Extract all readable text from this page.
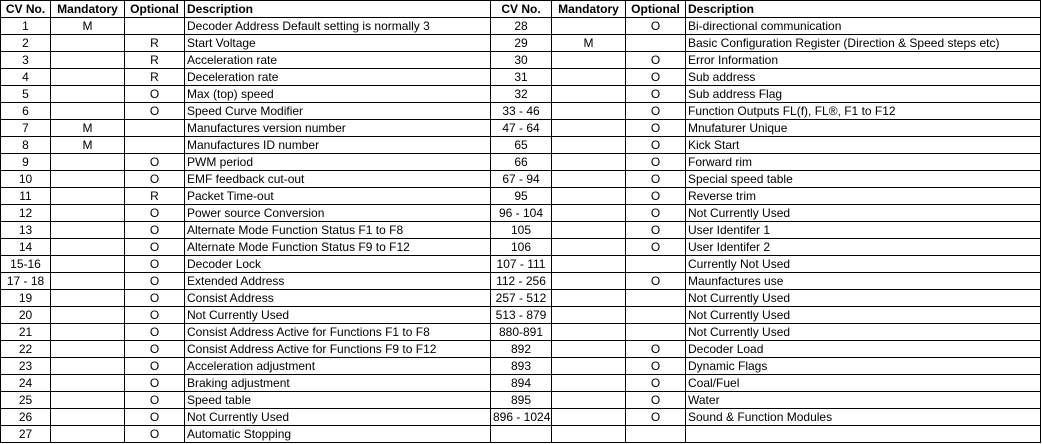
CV No.	Mandatory	Optional	Description	CV No.	Mandatory	Optional	Description
1	M		Decoder Address Default setting is normally 3	28		O	Bi-directional communication
2		R	Start Voltage	29	M		Basic Configuration Register (Direction & Speed steps etc)
3		R	Acceleration rate	30		O	Error Information
4		R	Deceleration rate	31		O	Sub address
5		O	Max (top) speed	32		O	Sub address Flag
6		O	Speed Curve Modifier	33 - 46		O	Function Outputs FL(f), FL®, F1 to F12
7	M		Manufactures version number	47 - 64		O	Mnufaturer Unique
8	M		Manufactures ID number	65		O	Kick Start
9		O	PWM period	66		O	Forward rim
10		O	EMF feedback cut-out	67 - 94		O	Special speed table
11		R	Packet Time-out	95		O	Reverse trim
12		O	Power source Conversion	96 - 104		O	Not Currently Used
13		O	Alternate Mode Function Status F1 to F8	105		O	User Identifer 1
14		O	Alternate Mode Function Status F9 to F12	106		O	User Identifer 2
15-16		O	Decoder Lock	107 - 111			Currently Not Used
17 - 18		O	Extended Address	112 - 256		O	Maunfactures use
19		O	Consist Address	257 - 512			Not Currently Used
20		O	Not Currently Used	513 - 879			Not Currently Used
21		O	Consist Address Active for Functions F1 to F8	880-891			Not Currently Used
22		O	Consist Address Active for Functions F9 to F12	892		O	Decoder Load
23		O	Acceleration adjustment	893		O	Dynamic Flags
24		O	Braking adjustment	894		O	Coal/Fuel
25		O	Speed table	895		O	Water
26		O	Not Currently Used	896 - 1024		O	Sound & Function Modules
27		O	Automatic Stopping				
